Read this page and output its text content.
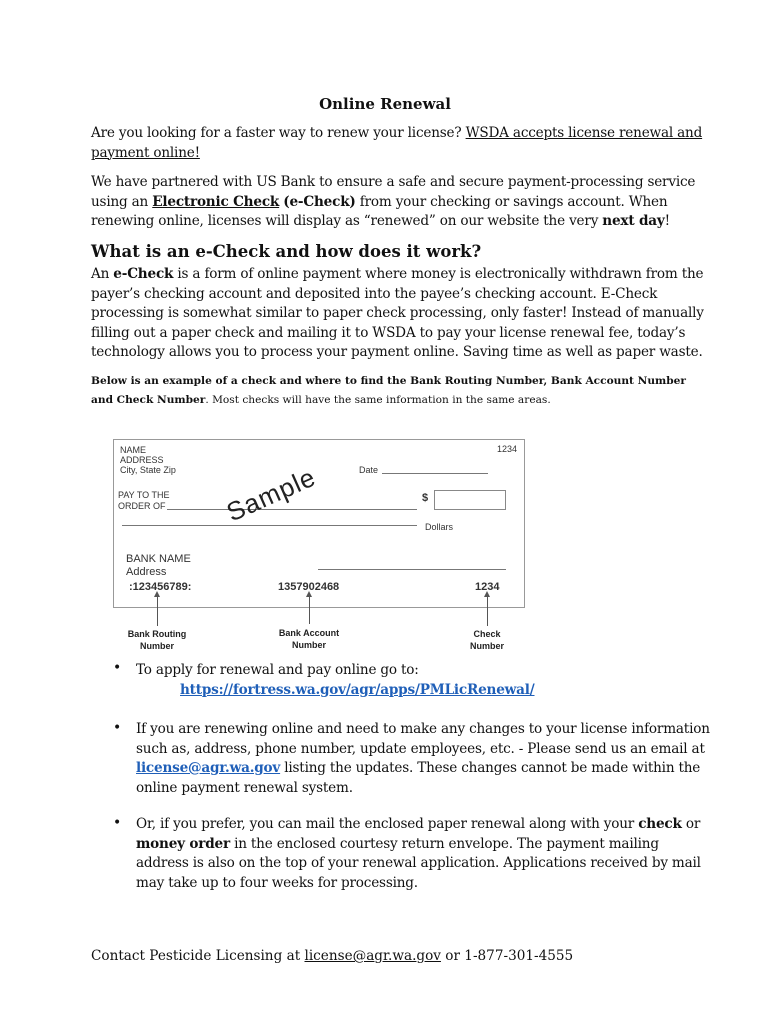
Online Renewal
Are you looking for a faster way to renew your license? WSDA accepts license renewal and
payment online!
We have partnered with US Bank to ensure a safe and secure payment-processing service
using an Electronic Check (e-Check) from your checking or savings account. When
renewing online, licenses will display as “renewed” on our website the very next day!
What is an e-Check and how does it work?
An e-Check is a form of online payment where money is electronically withdrawn from the
payer’s checking account and deposited into the payee’s checking account. E-Check
processing is somewhat similar to paper check processing, only faster! Instead of manually
filling out a paper check and mailing it to WSDA to pay your license renewal fee, today’s
technology allows you to process your payment online. Saving time as well as paper waste.
Below is an example of a check and where to find the Bank Routing Number, Bank Account Number
and Check Number. Most checks will have the same information in the same areas.
NAME
ADDRESS
City, State Zip
1234
Date
PAY TO THE
ORDER OF
$
Dollars
Sample
BANK NAME
Address
:123456789:	1357902468	1234
Bank Routing
Number
Bank Account
Number
Check
Number
• To apply for renewal and pay online go to:
https://fortress.wa.gov/agr/apps/PMLicRenewal/
• If you are renewing online and need to make any changes to your license information
such as, address, phone number, update employees, etc. - Please send us an email at
license@agr.wa.gov listing the updates. These changes cannot be made within the
online payment renewal system.
• Or, if you prefer, you can mail the enclosed paper renewal along with your check or
money order in the enclosed courtesy return envelope. The payment mailing
address is also on the top of your renewal application. Applications received by mail
may take up to four weeks for processing.
Contact Pesticide Licensing at license@agr.wa.gov or 1-877-301-4555
